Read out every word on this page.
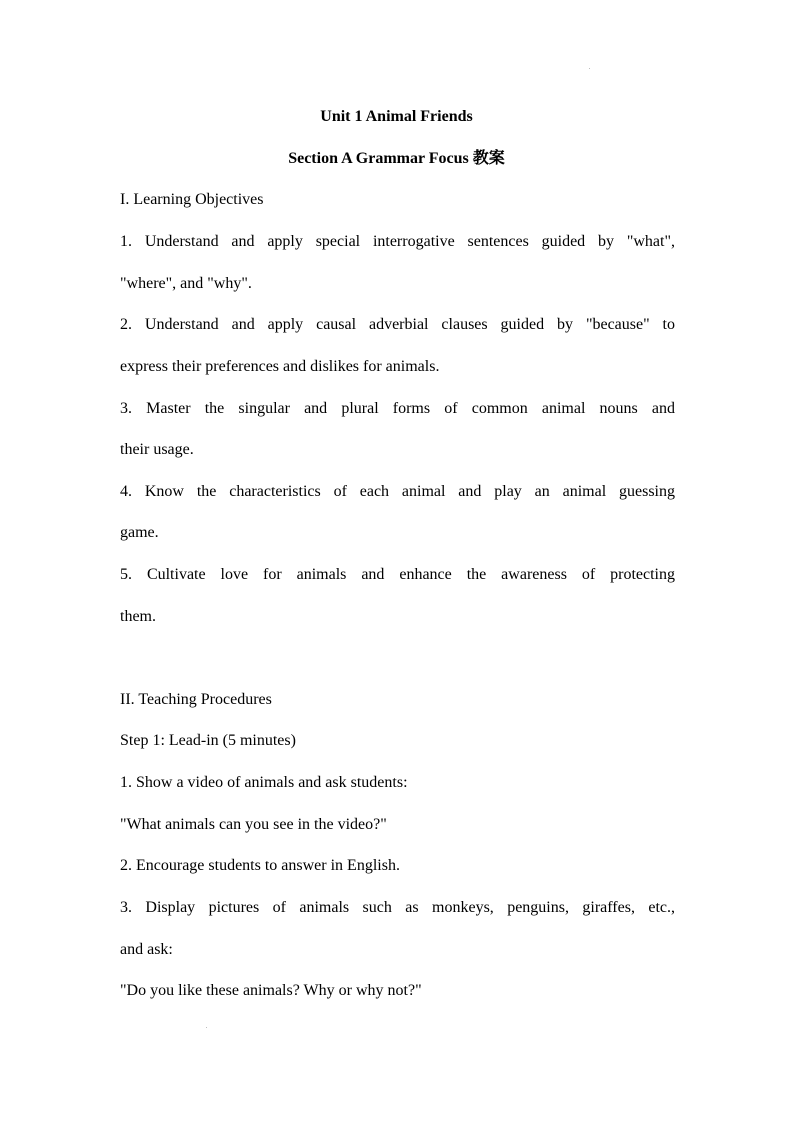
Unit 1 Animal Friends
Section A Grammar Focus 教案
I. Learning Objectives
1. Understand and apply special interrogative sentences guided by "what",
"where", and "why".
2. Understand and apply causal adverbial clauses guided by "because" to
express their preferences and dislikes for animals.
3. Master the singular and plural forms of common animal nouns and
their usage.
4. Know the characteristics of each animal and play an animal guessing
game.
5. Cultivate love for animals and enhance the awareness of protecting
them.
II. Teaching Procedures
Step 1: Lead-in (5 minutes)
1. Show a video of animals and ask students:
"What animals can you see in the video?"
2. Encourage students to answer in English.
3. Display pictures of animals such as monkeys, penguins, giraffes, etc.,
and ask:
"Do you like these animals? Why or why not?"
